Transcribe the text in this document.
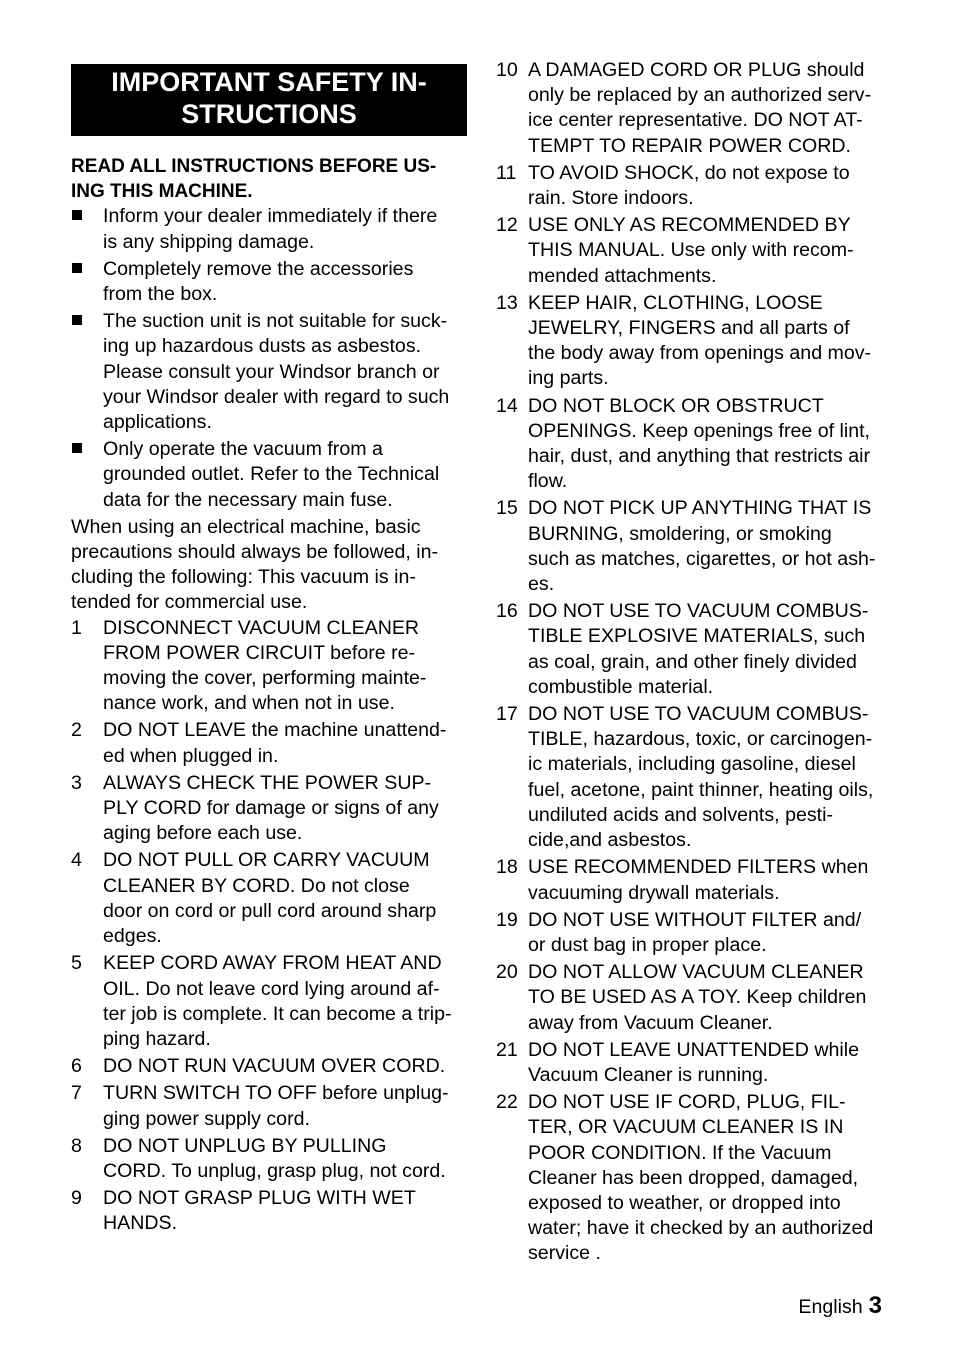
IMPORTANT SAFETY IN-
STRUCTIONS
READ ALL INSTRUCTIONS BEFORE US-
ING THIS MACHINE.
Inform your dealer immediately if there
is any shipping damage.
Completely remove the accessories
from the box.
The suction unit is not suitable for suck-
ing up hazardous dusts as asbestos.
Please consult your Windsor branch or
your Windsor dealer with regard to such
applications.
Only operate the vacuum from a
grounded outlet. Refer to the Technical
data for the necessary main fuse.

When using an electrical machine, basic
precautions should always be followed, in-
cluding the following: This vacuum is in-
tended for commercial use.

1 DISCONNECT VACUUM CLEANER
FROM POWER CIRCUIT before re-
moving the cover, performing mainte-
nance work, and when not in use.
2 DO NOT LEAVE the machine unattend-
ed when plugged in.
3 ALWAYS CHECK THE POWER SUP-
PLY CORD for damage or signs of any
aging before each use.
4 DO NOT PULL OR CARRY VACUUM
CLEANER BY CORD. Do not close
door on cord or pull cord around sharp
edges.
5 KEEP CORD AWAY FROM HEAT AND
OIL. Do not leave cord lying around af-
ter job is complete. It can become a trip-
ping hazard.
6 DO NOT RUN VACUUM OVER CORD.
7 TURN SWITCH TO OFF before unplug-
ging power supply cord.
8 DO NOT UNPLUG BY PULLING
CORD. To unplug, grasp plug, not cord.
9 DO NOT GRASP PLUG WITH WET
HANDS.
10 A DAMAGED CORD OR PLUG should
only be replaced by an authorized serv-
ice center representative. DO NOT AT-
TEMPT TO REPAIR POWER CORD.
11 TO AVOID SHOCK, do not expose to
rain. Store indoors.
12 USE ONLY AS RECOMMENDED BY
THIS MANUAL. Use only with recom-
mended attachments.
13 KEEP HAIR, CLOTHING, LOOSE
JEWELRY, FINGERS and all parts of
the body away from openings and mov-
ing parts.
14 DO NOT BLOCK OR OBSTRUCT
OPENINGS. Keep openings free of lint,
hair, dust, and anything that restricts air
flow.
15 DO NOT PICK UP ANYTHING THAT IS
BURNING, smoldering, or smoking
such as matches, cigarettes, or hot ash-
es.
16 DO NOT USE TO VACUUM COMBUS-
TIBLE EXPLOSIVE MATERIALS, such
as coal, grain, and other finely divided
combustible material.
17 DO NOT USE TO VACUUM COMBUS-
TIBLE, hazardous, toxic, or carcinogen-
ic materials, including gasoline, diesel
fuel, acetone, paint thinner, heating oils,
undiluted acids and solvents, pesti-
cide,and asbestos.
18 USE RECOMMENDED FILTERS when
vacuuming drywall materials.
19 DO NOT USE WITHOUT FILTER and/
or dust bag in proper place.
20 DO NOT ALLOW VACUUM CLEANER
TO BE USED AS A TOY. Keep children
away from Vacuum Cleaner.
21 DO NOT LEAVE UNATTENDED while
Vacuum Cleaner is running.
22 DO NOT USE IF CORD, PLUG, FIL-
TER, OR VACUUM CLEANER IS IN
POOR CONDITION. If the Vacuum
Cleaner has been dropped, damaged,
exposed to weather, or dropped into
water; have it checked by an authorized
service .
English 3
